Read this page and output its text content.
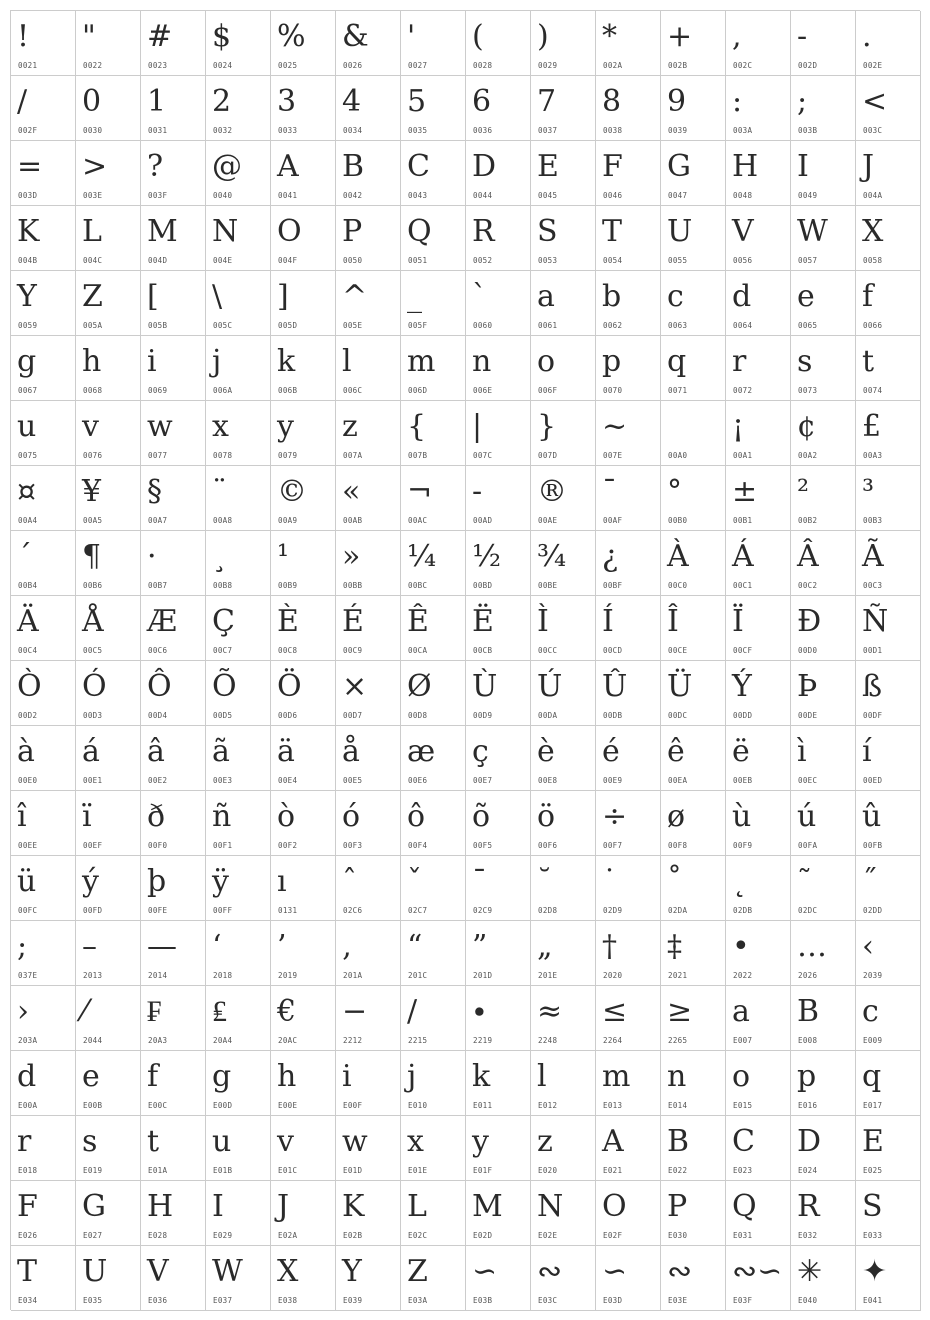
!
0021
"
0022
#
0023
$
0024
%
0025
&
0026
'
0027
(
0028
)
0029
*
002A
+
002B
,
002C
-
002D
.
002E
/
002F
0
0030
1
0031
2
0032
3
0033
4
0034
5
0035
6
0036
7
0037
8
0038
9
0039
:
003A
;
003B
<
003C
=
003D
>
003E
?
003F
@
0040
A
0041
B
0042
C
0043
D
0044
E
0045
F
0046
G
0047
H
0048
I
0049
J
004A
K
004B
L
004C
M
004D
N
004E
O
004F
P
0050
Q
0051
R
0052
S
0053
T
0054
U
0055
V
0056
W
0057
X
0058
Y
0059
Z
005A
[
005B
\
005C
]
005D
^
005E
_
005F
`
0060
a
0061
b
0062
c
0063
d
0064
e
0065
f
0066
g
0067
h
0068
i
0069
j
006A
k
006B
l
006C
m
006D
n
006E
o
006F
p
0070
q
0071
r
0072
s
0073
t
0074
u
0075
v
0076
w
0077
x
0078
y
0079
z
007A
{
007B
|
007C
}
007D
~
007E	00A0
¡
00A1
¢
00A2
£
00A3
¤
00A4
¥
00A5
§
00A7
¨
00A8
©
00A9
«
00AB
¬
00AC
-
00AD
®
00AE
¯
00AF
°
00B0
±
00B1
²
00B2
³
00B3
´
00B4
¶
00B6
·
00B7
¸
00B8
¹
00B9
»
00BB
¼
00BC
½
00BD
¾
00BE
¿
00BF
À
00C0
Á
00C1
Â
00C2
Ã
00C3
Ä
00C4
Å
00C5
Æ
00C6
Ç
00C7
È
00C8
É
00C9
Ê
00CA
Ë
00CB
Ì
00CC
Í
00CD
Î
00CE
Ï
00CF
Ð
00D0
Ñ
00D1
Ò
00D2
Ó
00D3
Ô
00D4
Õ
00D5
Ö
00D6
×
00D7
Ø
00D8
Ù
00D9
Ú
00DA
Û
00DB
Ü
00DC
Ý
00DD
Þ
00DE
ß
00DF
à
00E0
á
00E1
â
00E2
ã
00E3
ä
00E4
å
00E5
æ
00E6
ç
00E7
è
00E8
é
00E9
ê
00EA
ë
00EB
ì
00EC
í
00ED
î
00EE
ï
00EF
ð
00F0
ñ
00F1
ò
00F2
ó
00F3
ô
00F4
õ
00F5
ö
00F6
÷
00F7
ø
00F8
ù
00F9
ú
00FA
û
00FB
ü
00FC
ý
00FD
þ
00FE
ÿ
00FF
ı
0131
ˆ
02C6
ˇ
02C7
ˉ
02C9
˘
02D8
˙
02D9
˚
02DA
˛
02DB
˜
02DC
˝
02DD
;
037E
–
2013
—
2014
‘
2018
’
2019
‚
201A
“
201C
”
201D
„
201E
†
2020
‡
2021
•
2022
…
2026
‹
2039
›
203A
⁄
2044
₣
20A3
₤
20A4
€
20AC
−
2212
∕
2215
∙
2219
≈
2248
≤
2264
≥
2265
a
E007
B
E008
c
E009
d
E00A
e
E00B
f
E00C
g
E00D
h
E00E
i
E00F
j
E010
k
E011
l
E012
m
E013
n
E014
o
E015
p
E016
q
E017
r
E018
s
E019
t
E01A
u
E01B
v
E01C
w
E01D
x
E01E
y
E01F
z
E020
A
E021
B
E022
C
E023
D
E024
E
E025
F
E026
G
E027
H
E028
I
E029
J
E02A
K
E02B
L
E02C
M
E02D
N
E02E
O
E02F
P
E030
Q
E031
R
E032
S
E033
T
E034
U
E035
V
E036
W
E037
X
E038
Y
E039
Z
E03A
∽
E03B
∾
E03C
∽
E03D
∾
E03E
∾∽
E03F
✳
E040
✦
E041
